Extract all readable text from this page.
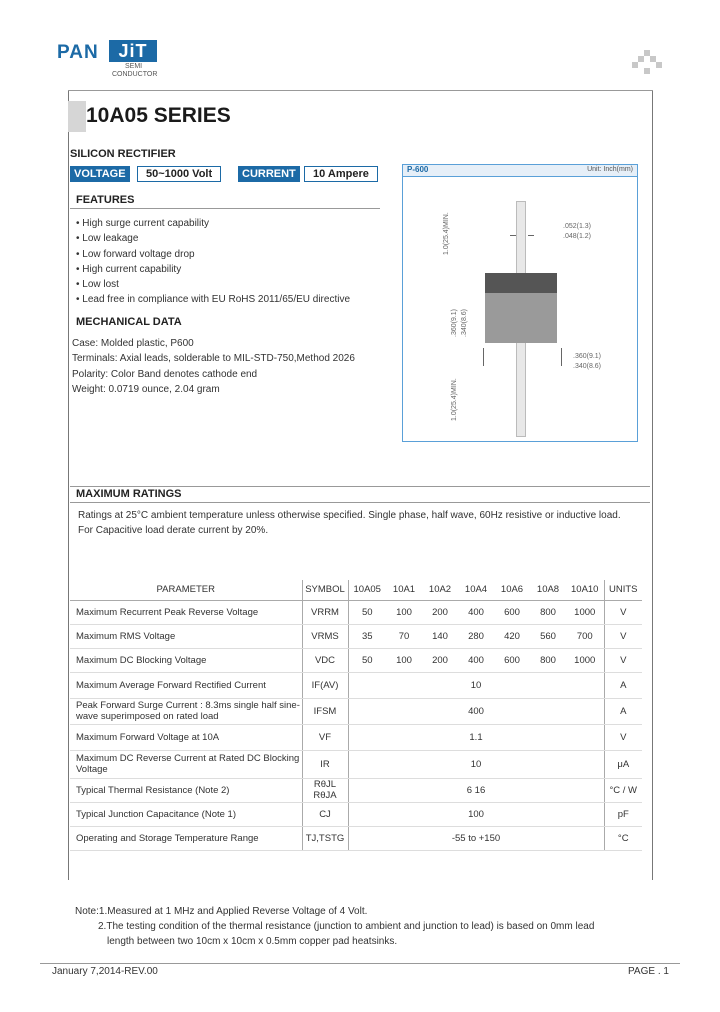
PAN	JiT
SEMI
CONDUCTOR
10A05 SERIES
SILICON RECTIFIER
VOLTAGE	50~1000 Volt	CURRENT	10 Ampere
FEATURES
• High surge current capability
• Low leakage
• Low forward voltage drop
• High current capability
• Low lost
• Lead free in compliance with EU RoHS 2011/65/EU directive
MECHANICAL DATA
Case: Molded plastic, P600
Terminals: Axial leads, solderable to MIL-STD-750,Method 2026
Polarity: Color Band denotes cathode end
Weight: 0.0719 ounce, 2.04 gram
P-600	Unit: Inch(mm)
.052(1.3)
.048(1.2)
1.0(25.4)MIN.
.360(9.1) .340(8.6)
.360(9.1)
.340(8.6)
1.0(25.4)MIN.
MAXIMUM RATINGS
Ratings at 25°C ambient temperature unless otherwise specified. Single phase, half wave, 60Hz resistive or inductive load.
For Capacitive load derate current by 20%.
PARAMETER	SYMBOL	10A05	10A1	10A2	10A4	10A6	10A8	10A10	UNITS
Maximum Recurrent Peak Reverse Voltage	VRRM	50	100	200	400	600	800	1000	V
Maximum RMS Voltage	VRMS	35	70	140	280	420	560	700	V
Maximum DC Blocking Voltage	VDC	50	100	200	400	600	800	1000	V
Maximum Average Forward Rectified Current	IF(AV)	10							A
Peak Forward Surge Current : 8.3ms single half sine-wave superimposed on rated load	IFSM	400							A
Maximum Forward Voltage at 10A	VF	1.1							V
Maximum DC Reverse Current at Rated DC Blocking Voltage	IR	10							μA
Typical Thermal Resistance (Note 2)	RθJL RθJA	6 16							°C / W
Typical Junction Capacitance (Note 1)	CJ	100							pF
Operating and Storage Temperature Range	TJ,TSTG	-55 to +150							°C
Note:1.Measured at 1 MHz and Applied Reverse Voltage of 4 Volt.
2.The testing condition of the thermal resistance (junction to ambient and junction to lead) is based on 0mm lead
length between two 10cm x 10cm x 0.5mm copper pad heatsinks.
January 7,2014-REV.00	PAGE . 1
